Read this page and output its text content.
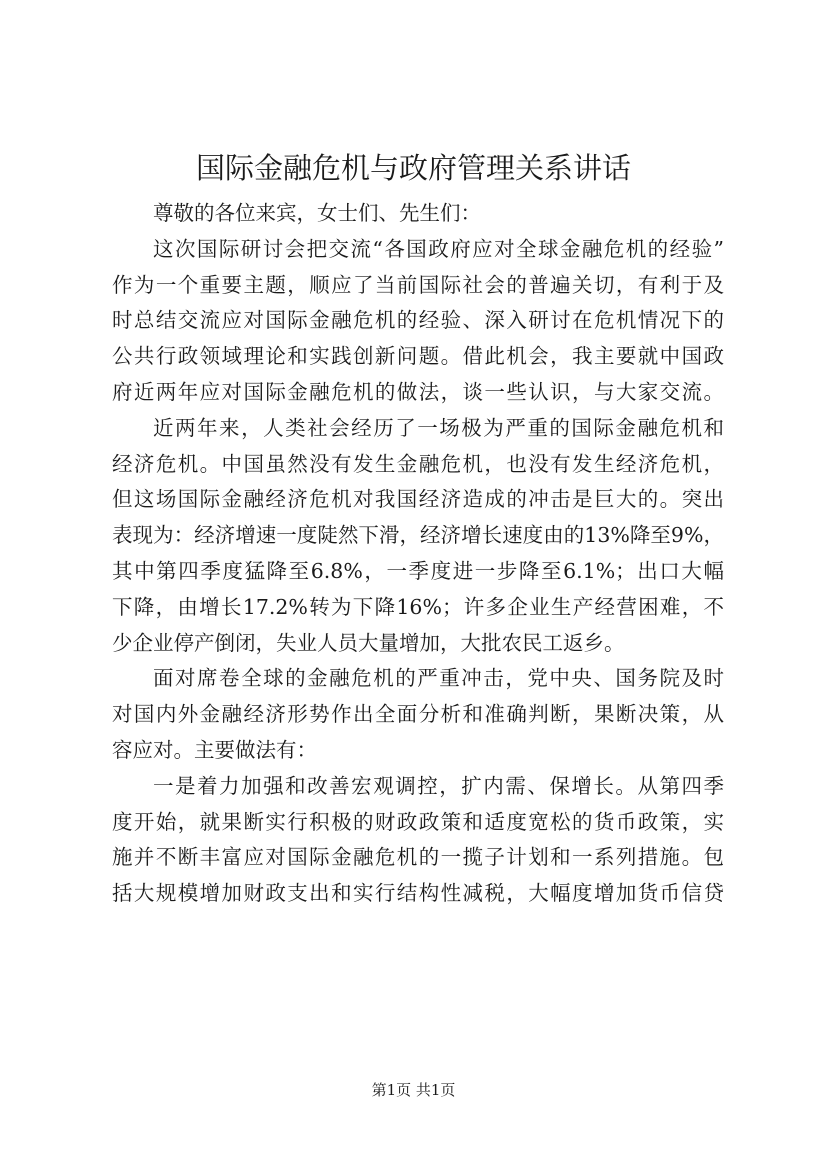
国际金融危机与政府管理关系讲话
尊敬的各位来宾，女士们、先生们：
这次国际研讨会把交流“各国政府应对全球金融危机的经验”
作为一个重要主题，顺应了当前国际社会的普遍关切，有利于及
时总结交流应对国际金融危机的经验、深入研讨在危机情况下的
公共行政领域理论和实践创新问题。借此机会，我主要就中国政
府近两年应对国际金融危机的做法，谈一些认识，与大家交流。
近两年来，人类社会经历了一场极为严重的国际金融危机和
经济危机。中国虽然没有发生金融危机，也没有发生经济危机，
但这场国际金融经济危机对我国经济造成的冲击是巨大的。突出
表现为：经济增速一度陡然下滑，经济增长速度由的13%降至9%，
其中第四季度猛降至6.8%，一季度进一步降至6.1%；出口大幅
下降，由增长17.2%转为下降16%；许多企业生产经营困难，不
少企业停产倒闭，失业人员大量增加，大批农民工返乡。
面对席卷全球的金融危机的严重冲击，党中央、国务院及时
对国内外金融经济形势作出全面分析和准确判断，果断决策，从
容应对。主要做法有：
一是着力加强和改善宏观调控，扩内需、保增长。从第四季
度开始，就果断实行积极的财政政策和适度宽松的货币政策，实
施并不断丰富应对国际金融危机的一揽子计划和一系列措施。包
括大规模增加财政支出和实行结构性减税，大幅度增加货币信贷
第1页 共1页
